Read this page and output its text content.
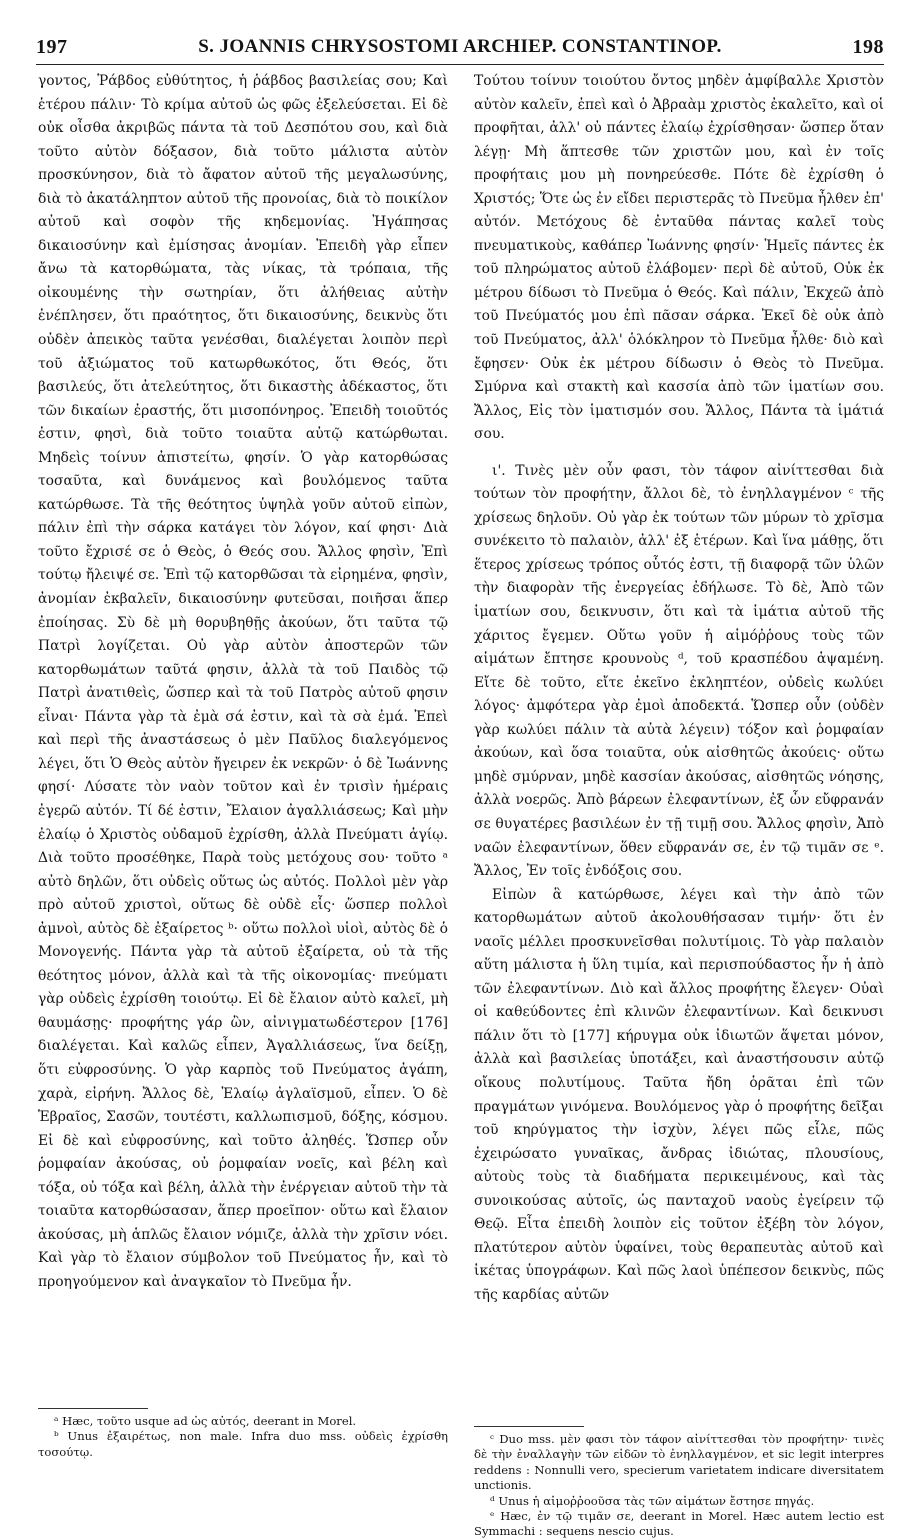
197	S. JOANNIS CHRYSOSTOMI ARCHIEP. CONSTANTINOP.	198

γοντος, Ῥάβδος εὐθύτητος, ἡ ῥάβδος βασιλείας σου; Καὶ ἑτέρου πάλιν· Τὸ κρίμα αὐτοῦ ὡς φῶς ἐξελεύσεται. Εἰ δὲ οὐκ οἶσθα ἀκριβῶς πάντα τὰ τοῦ Δεσπότου σου, καὶ διὰ τοῦτο αὐτὸν δόξασον, διὰ τοῦτο μάλιστα αὐτὸν προσκύνησον, διὰ τὸ ἄφατον αὐτοῦ τῆς μεγαλωσύνης, διὰ τὸ ἀκατάληπτον αὐτοῦ τῆς προνοίας, διὰ τὸ ποικίλον αὐτοῦ καὶ σοφὸν τῆς κηδεμονίας. Ἠγάπησας δικαιοσύνην καὶ ἐμίσησας ἀνομίαν. Ἐπειδὴ γὰρ εἶπεν ἄνω τὰ κατορθώματα, τὰς νίκας, τὰ τρόπαια, τῆς οἰκουμένης τὴν σωτηρίαν, ὅτι ἀλήθειας αὐτὴν ἐνέπλησεν, ὅτι πραότητος, ὅτι δικαιοσύνης, δεικνὺς ὅτι οὐδὲν ἀπεικὸς ταῦτα γενέσθαι, διαλέγεται λοιπὸν περὶ τοῦ ἀξιώματος τοῦ κατωρθωκότος, ὅτι Θεός, ὅτι βασιλεύς, ὅτι ἀτελεύτητος, ὅτι δικαστὴς ἀδέκαστος, ὅτι τῶν δικαίων ἐραστής, ὅτι μισοπόνηρος. Ἐπειδὴ τοιοῦτός ἐστιν, φησὶ, διὰ τοῦτο τοιαῦτα αὐτῷ κατώρθωται. Μηδεὶς τοίνυν ἀπιστείτω, φησίν. Ὁ γὰρ κατορθώσας τοσαῦτα, καὶ δυνάμενος καὶ βουλόμενος ταῦτα κατώρθωσε. Τὰ τῆς θεότητος ὑψηλὰ γοῦν αὐτοῦ εἰπὼν, πάλιν ἐπὶ τὴν σάρκα κατάγει τὸν λόγον, καί φησι· Διὰ τοῦτο ἔχρισέ σε ὁ Θεὸς, ὁ Θεός σου. Ἄλλος φησὶν, Ἐπὶ τούτῳ ἤλειψέ σε. Ἐπὶ τῷ κατορθῶσαι τὰ εἰρημένα, φησὶν, ἀνομίαν ἐκβαλεῖν, δικαιοσύνην φυτεῦσαι, ποιῆσαι ἅπερ ἐποίησας. Σὺ δὲ μὴ θορυβηθῇς ἀκούων, ὅτι ταῦτα τῷ Πατρὶ λογίζεται. Οὐ γὰρ αὐτὸν ἀποστερῶν τῶν κατορθωμάτων ταῦτά φησιν, ἀλλὰ τὰ τοῦ Παιδὸς τῷ Πατρὶ ἀνατιθεὶς, ὥσπερ καὶ τὰ τοῦ Πατρὸς αὐτοῦ φησιν εἶναι· Πάντα γὰρ τὰ ἐμὰ σά ἐστιν, καὶ τὰ σὰ ἐμά. Ἐπεὶ καὶ περὶ τῆς ἀναστάσεως ὁ μὲν Παῦλος διαλεγόμενος λέγει, ὅτι Ὁ Θεὸς αὐτὸν ἤγειρεν ἐκ νεκρῶν· ὁ δὲ Ἰωάννης φησί· Λύσατε τὸν ναὸν τοῦτον καὶ ἐν τρισὶν ἡμέραις ἐγερῶ αὐτόν. Τί δέ ἐστιν, Ἔλαιον ἀγαλλιάσεως; Καὶ μὴν ἐλαίῳ ὁ Χριστὸς οὐδαμοῦ ἐχρίσθη, ἀλλὰ Πνεύματι ἁγίῳ. Διὰ τοῦτο προσέθηκε, Παρὰ τοὺς μετόχους σου· τοῦτο ᵃ αὐτὸ δηλῶν, ὅτι οὐδεὶς οὕτως ὡς αὐτός. Πολλοὶ μὲν γὰρ πρὸ αὐτοῦ χριστοὶ, οὕτως δὲ οὐδὲ εἷς· ὥσπερ πολλοὶ ἀμνοὶ, αὐτὸς δὲ ἐξαίρετος ᵇ· οὕτω πολλοὶ υἱοὶ, αὐτὸς δὲ ὁ Μονογενής. Πάντα γὰρ τὰ αὐτοῦ ἐξαίρετα, οὐ τὰ τῆς θεότητος μόνον, ἀλλὰ καὶ τὰ τῆς οἰκονομίας· πνεύματι γὰρ οὐδεὶς ἐχρίσθη τοιούτῳ. Εἰ δὲ ἔλαιον αὐτὸ καλεῖ, μὴ θαυμάσῃς· προφήτης γάρ ὢν, αἰνιγματωδέστερον [176] διαλέγεται. Καὶ καλῶς εἶπεν, Ἀγαλλιάσεως, ἵνα δείξῃ, ὅτι εὐφροσύνης. Ὁ γὰρ καρπὸς τοῦ Πνεύματος ἀγάπη, χαρὰ, εἰρήνη. Ἄλλος δὲ, Ἐλαίῳ ἀγλαϊσμοῦ, εἶπεν. Ὁ δὲ Ἑβραῖος, Σασῶν, τουτέστι, καλλωπισμοῦ, δόξης, κόσμου. Εἰ δὲ καὶ εὐφροσύνης, καὶ τοῦτο ἀληθές. Ὥσπερ οὖν ῥομφαίαν ἀκούσας, οὐ ῥομφαίαν νοεῖς, καὶ βέλη καὶ τόξα, οὐ τόξα καὶ βέλη, ἀλλὰ τὴν ἐνέργειαν αὐτοῦ τὴν τὰ τοιαῦτα κατορθώσασαν, ἅπερ προεῖπον· οὕτω καὶ ἔλαιον ἀκούσας, μὴ ἁπλῶς ἔλαιον νόμιζε, ἀλλὰ τὴν χρῖσιν νόει. Καὶ γὰρ τὸ ἔλαιον σύμβολον τοῦ Πνεύματος ἦν, καὶ τὸ προηγούμενον καὶ ἀναγκαῖον τὸ Πνεῦμα ἦν.

Τούτου τοίνυν τοιούτου ὄντος μηδὲν ἀμφίβαλλε Χριστὸν αὐτὸν καλεῖν, ἐπεὶ καὶ ὁ Ἀβραὰμ χριστὸς ἐκαλεῖτο, καὶ οἱ προφῆται, ἀλλ' οὐ πάντες ἐλαίῳ ἐχρίσθησαν· ὥσπερ ὅταν λέγῃ· Μὴ ἅπτεσθε τῶν χριστῶν μου, καὶ ἐν τοῖς προφήταις μου μὴ πονηρεύεσθε. Πότε δὲ ἐχρίσθη ὁ Χριστός; Ὅτε ὡς ἐν εἴδει περιστερᾶς τὸ Πνεῦμα ἦλθεν ἐπ' αὐτόν. Μετόχους δὲ ἐνταῦθα πάντας καλεῖ τοὺς πνευματικοὺς, καθάπερ Ἰωάννης φησίν· Ἡμεῖς πάντες ἐκ τοῦ πληρώματος αὐτοῦ ἐλάβομεν· περὶ δὲ αὐτοῦ, Οὐκ ἐκ μέτρου δίδωσι τὸ Πνεῦμα ὁ Θεός. Καὶ πάλιν, Ἐκχεῶ ἀπὸ τοῦ Πνεύματός μου ἐπὶ πᾶσαν σάρκα. Ἐκεῖ δὲ οὐκ ἀπὸ τοῦ Πνεύματος, ἀλλ' ὁλόκληρον τὸ Πνεῦμα ἦλθε· διὸ καὶ ἔφησεν· Οὐκ ἐκ μέτρου δίδωσιν ὁ Θεὸς τὸ Πνεῦμα. Σμύρνα καὶ στακτὴ καὶ κασσία ἀπὸ τῶν ἱματίων σου. Ἄλλος, Εἰς τὸν ἱματισμόν σου. Ἄλλος, Πάντα τὰ ἱμάτιά σου.

ι'. Τινὲς μὲν οὖν φασι, τὸν τάφον αἰνίττεσθαι διὰ τούτων τὸν προφήτην, ἄλλοι δὲ, τὸ ἐνηλλαγμένον ᶜ τῆς χρίσεως δηλοῦν. Οὐ γὰρ ἐκ τούτων τῶν μύρων τὸ χρῖσμα συνέκειτο τὸ παλαιὸν, ἀλλ' ἐξ ἑτέρων. Καὶ ἵνα μάθῃς, ὅτι ἕτερος χρίσεως τρόπος οὗτός ἐστι, τῇ διαφορᾷ τῶν ὑλῶν τὴν διαφορὰν τῆς ἐνεργείας ἐδήλωσε. Τὸ δὲ, Ἀπὸ τῶν ἱματίων σου, δεικνυσιν, ὅτι καὶ τὰ ἱμάτια αὐτοῦ τῆς χάριτος ἔγεμεν. Οὕτω γοῦν ἡ αἱμόῤῥους τοὺς τῶν αἱμάτων ἔπτησε κρουνοὺς ᵈ, τοῦ κρασπέδου ἁψαμένη. Εἴτε δὲ τοῦτο, εἴτε ἐκεῖνο ἐκληπτέον, οὐδεὶς κωλύει λόγος· ἀμφότερα γὰρ ἐμοὶ ἀποδεκτά. Ὥσπερ οὖν (οὐδὲν γὰρ κωλύει πάλιν τὰ αὐτὰ λέγειν) τόξον καὶ ῥομφαίαν ἀκούων, καὶ ὅσα τοιαῦτα, οὐκ αἰσθητῶς ἀκούεις· οὕτω μηδὲ σμύρναν, μηδὲ κασσίαν ἀκούσας, αἰσθητῶς νόησης, ἀλλὰ νοερῶς. Ἀπὸ βάρεων ἐλεφαντίνων, ἐξ ὧν εὔφρανάν σε θυγατέρες βασιλέων ἐν τῇ τιμῇ σου. Ἄλλος φησὶν, Ἀπὸ ναῶν ἐλεφαντίνων, ὅθεν εὔφρανάν σε, ἐν τῷ τιμᾶν σε ᵉ. Ἄλλος, Ἐν τοῖς ἐνδόξοις σου.

Εἰπὼν ἃ κατώρθωσε, λέγει καὶ τὴν ἀπὸ τῶν κατορθωμάτων αὐτοῦ ἀκολουθήσασαν τιμήν· ὅτι ἐν ναοῖς μέλλει προσκυνεῖσθαι πολυτίμοις. Τὸ γὰρ παλαιὸν αὕτη μάλιστα ἡ ὕλη τιμία, καὶ περισπούδαστος ἦν ἡ ἀπὸ τῶν ἐλεφαντίνων. Διὸ καὶ ἄλλος προφήτης ἔλεγεν· Οὐαὶ οἱ καθεύδοντες ἐπὶ κλινῶν ἐλεφαντίνων. Καὶ δεικνυσι πάλιν ὅτι τὸ [177] κήρυγμα οὐκ ἰδιωτῶν ἅψεται μόνον, ἀλλὰ καὶ βασιλείας ὑποτάξει, καὶ ἀναστήσουσιν αὐτῷ οἴκους πολυτίμους. Ταῦτα ἤδη ὁρᾶται ἐπὶ τῶν πραγμάτων γινόμενα. Βουλόμενος γὰρ ὁ προφήτης δεῖξαι τοῦ κηρύγματος τὴν ἰσχὺν, λέγει πῶς εἷλε, πῶς ἐχειρώσατο γυναῖκας, ἄνδρας ἰδιώτας, πλουσίους, αὐτοὺς τοὺς τὰ διαδήματα περικειμένους, καὶ τὰς συνοικούσας αὐτοῖς, ὡς πανταχοῦ ναοὺς ἐγείρειν τῷ Θεῷ. Εἶτα ἐπειδὴ λοιπὸν εἰς τοῦτον ἐξέβη τὸν λόγον, πλατύτερον αὐτὸν ὑφαίνει, τοὺς θεραπευτὰς αὐτοῦ καὶ ἱκέτας ὑπογράφων. Καὶ πῶς λαοὶ ὑπέπεσον δεικνὺς, πῶς τῆς καρδίας αὐτῶν

ᵃ Hæc, τοῦτο usque ad ὡς αὐτός, deerant in Morel.

ᵇ Unus ἐξαιρέτως, non male. Infra duo mss. οὐδεὶς ἐχρίσθη τοσούτῳ.

ᶜ Duo mss. μὲν φασι τὸν τάφον αἰνίττεσθαι τὸν προφήτην· τινὲς δὲ τὴν ἐναλλαγὴν τῶν εἰδῶν τὸ ἐνηλλαγμένον, et sic legit interpres reddens : Nonnulli vero, specierum varietatem indicare diversitatem unctionis.

ᵈ Unus ἡ αἱμοῤῥοοῦσα τὰς τῶν αἱμάτων ἔστησε πηγάς.

ᵉ Hæc, ἐν τῷ τιμᾶν σε, deerant in Morel. Hæc autem lectio est Symmachi : sequens nescio cujus.
